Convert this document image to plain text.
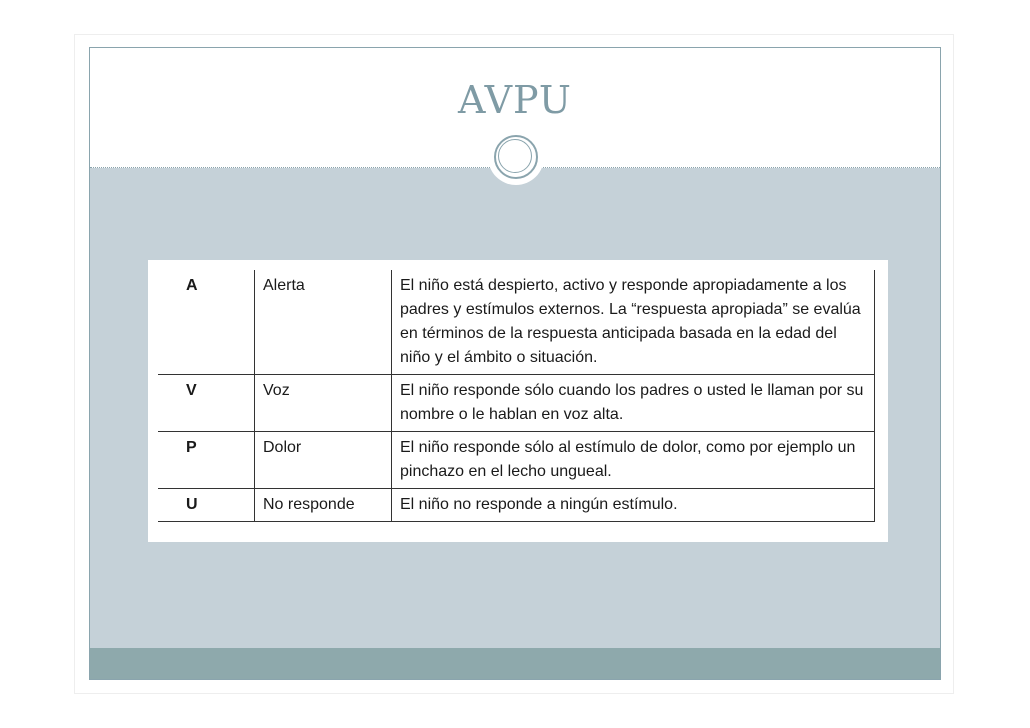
AVPU
A	Alerta	El niño está despierto, activo y responde apropiadamente a los padres y estímulos externos. La “respuesta apropiada” se evalúa en términos de la respuesta anticipada basada en la edad del niño y el ámbito o situación.
V	Voz	El niño responde sólo cuando los padres o usted le llaman por su nombre o le hablan en voz alta.
P	Dolor	El niño responde sólo al estímulo de dolor, como por ejemplo un pinchazo en el lecho ungueal.
U	No responde	El niño no responde a ningún estímulo.
